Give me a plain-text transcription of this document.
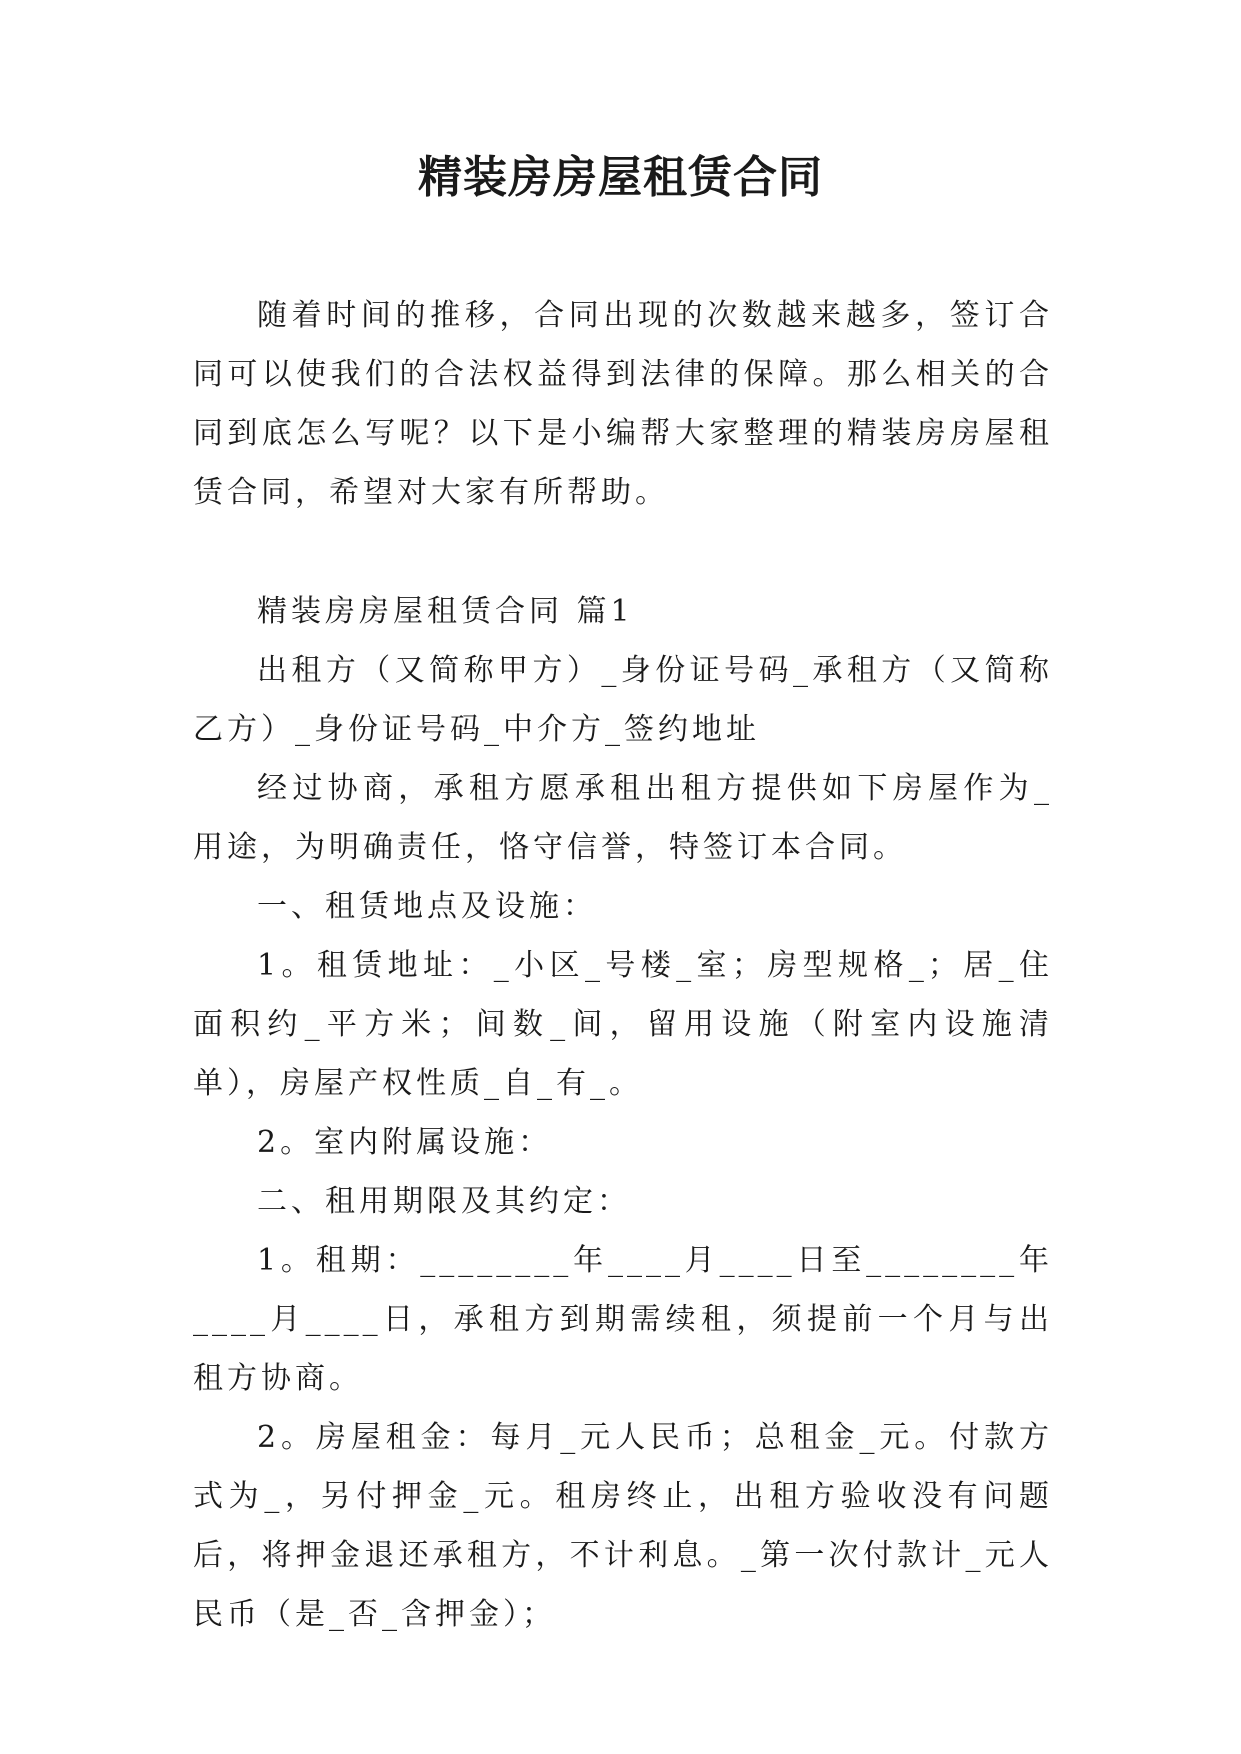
精装房房屋租赁合同

随着时间的推移，合同出现的次数越来越多，签订合同可以使我们的合法权益得到法律的保障。那么相关的合同到底怎么写呢？以下是小编帮大家整理的精装房房屋租赁合同，希望对大家有所帮助。

精装房房屋租赁合同 篇1

出租方（又简称甲方）_身份证号码_承租方（又简称乙方）_身份证号码_中介方_签约地址

经过协商，承租方愿承租出租方提供如下房屋作为_用途，为明确责任，恪守信誉，特签订本合同。

一、租赁地点及设施：

1。租赁地址：_小区_号楼_室；房型规格_；居_住面积约_平方米；间数_间，留用设施（附室内设施清单），房屋产权性质_自_有_。

2。室内附属设施：

二、租用期限及其约定：

1。租期：________年____月____日至________年____月____日，承租方到期需续租，须提前一个月与出租方协商。

2。房屋租金：每月_元人民币；总租金_元。付款方式为_，另付押金_元。租房终止，出租方验收没有问题后，将押金退还承租方，不计利息。_第一次付款计_元人民币（是_否_含押金）；
